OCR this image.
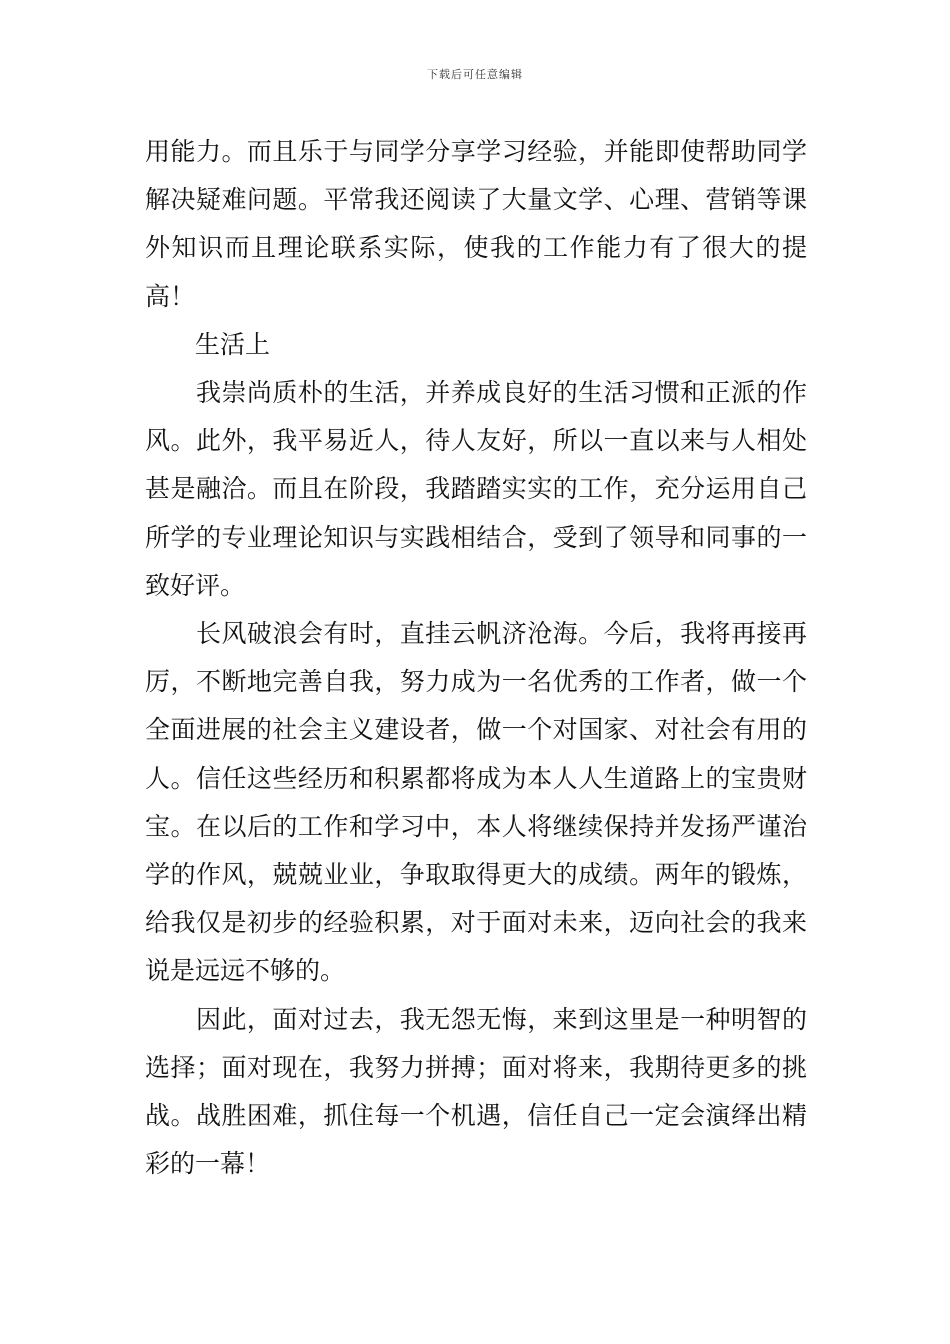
下载后可任意编辑

用能力。而且乐于与同学分享学习经验，并能即使帮助同学解决疑难问题。平常我还阅读了大量文学、心理、营销等课外知识而且理论联系实际，使我的工作能力有了很大的提高！

　　生活上

　　我崇尚质朴的生活，并养成良好的生活习惯和正派的作风。此外，我平易近人，待人友好，所以一直以来与人相处甚是融洽。而且在阶段，我踏踏实实的工作，充分运用自己所学的专业理论知识与实践相结合，受到了领导和同事的一致好评。

　　长风破浪会有时，直挂云帆济沧海。今后，我将再接再厉，不断地完善自我，努力成为一名优秀的工作者，做一个全面进展的社会主义建设者，做一个对国家、对社会有用的人。信任这些经历和积累都将成为本人人生道路上的宝贵财宝。在以后的工作和学习中，本人将继续保持并发扬严谨治学的作风，兢兢业业，争取取得更大的成绩。两年的锻炼，给我仅是初步的经验积累，对于面对未来，迈向社会的我来说是远远不够的。

　　因此，面对过去，我无怨无悔，来到这里是一种明智的选择；面对现在，我努力拼搏；面对将来，我期待更多的挑战。战胜困难，抓住每一个机遇，信任自己一定会演绎出精彩的一幕！
